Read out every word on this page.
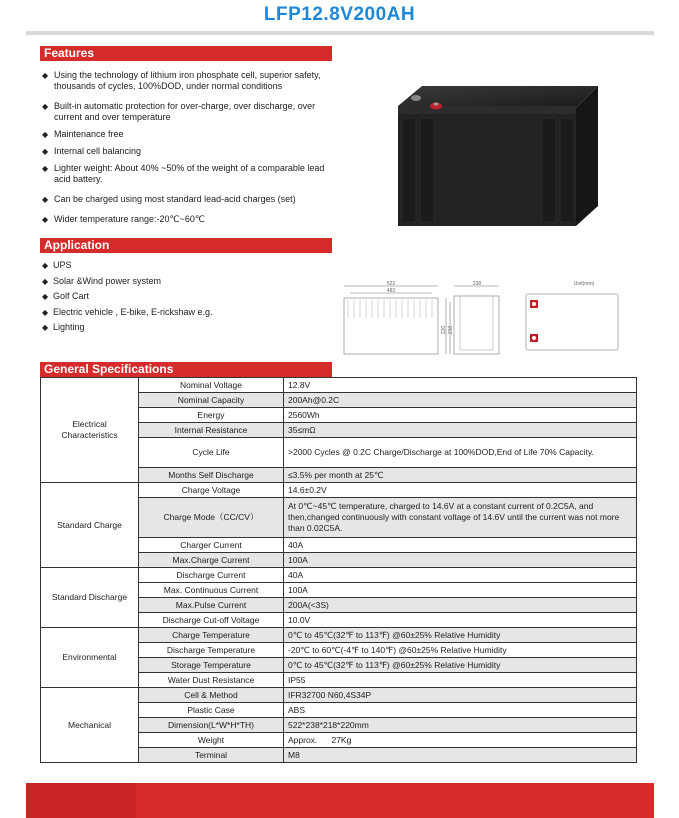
LFP12.8V200AH
Features
◆ Using the technology of lithium iron phosphate cell, superior safety, thousands of cycles, 100%DOD, under normal conditions
◆ Built-in automatic protection for over-charge, over discharge, over current and over temperature
◆ Maintenance free
◆ Internal cell balancing
◆ Lighter weight: About 40% ~50% of the weight of a comparable lead acid battery.
◆ Can be charged using most standard lead-acid charges (set)
◆ Wider temperature range:-20℃~60℃
Application
◆ UPS
◆ Solar &Wind power system
◆ Golf Cart
◆ Electric vehicle , E-bike, E-rickshaw e.g.
◆ Lighting
522
483
238
220 218
Unit(mm)
General Specifications
Electrical Characteristics	Nominal Voltage	12.8V
	Nominal Capacity	200Ah@0.2C
	Energy	2560Wh
	Internal Resistance	35≤mΩ
	Cycle Life	>2000 Cycles @ 0.2C Charge/Discharge at 100%DOD,End of Life 70% Capacity.
	Months Self Discharge	≤3.5% per month at 25℃
Standard Charge	Charge Voltage	14.6±0.2V
	Charge Mode（CC/CV）	At 0℃~45℃ temperature, charged to 14.6V at a constant current of 0.2C5A, and then,changed continuously with constant voltage of 14.6V until the current was not more than 0.02C5A.
	Charger Current	40A
	Max.Charge Current	100A
Standard Discharge	Discharge Current	40A
	Max. Continuous Current	100A
	Max.Pulse Current	200A(<3S)
	Discharge Cut-off Voltage	10.0V
Environmental	Charge Temperature	0℃ to 45℃(32℉ to 113℉) @60±25% Relative Humidity
	Discharge Temperature	-20℃ to 60℃(-4℉ to 140℉) @60±25% Relative Humidity
	Storage Temperature	0℃ to 45℃(32℉ to 113℉) @60±25% Relative Humidity
	Water Dust Resistance	IP55
Mechanical	Cell & Method	IFR32700 N60,4S34P
	Plastic Case	ABS
	Dimension(L*W*H*TH)	522*238*218*220mm
	Weight	Approx.      27Kg
	Terminal	M8
